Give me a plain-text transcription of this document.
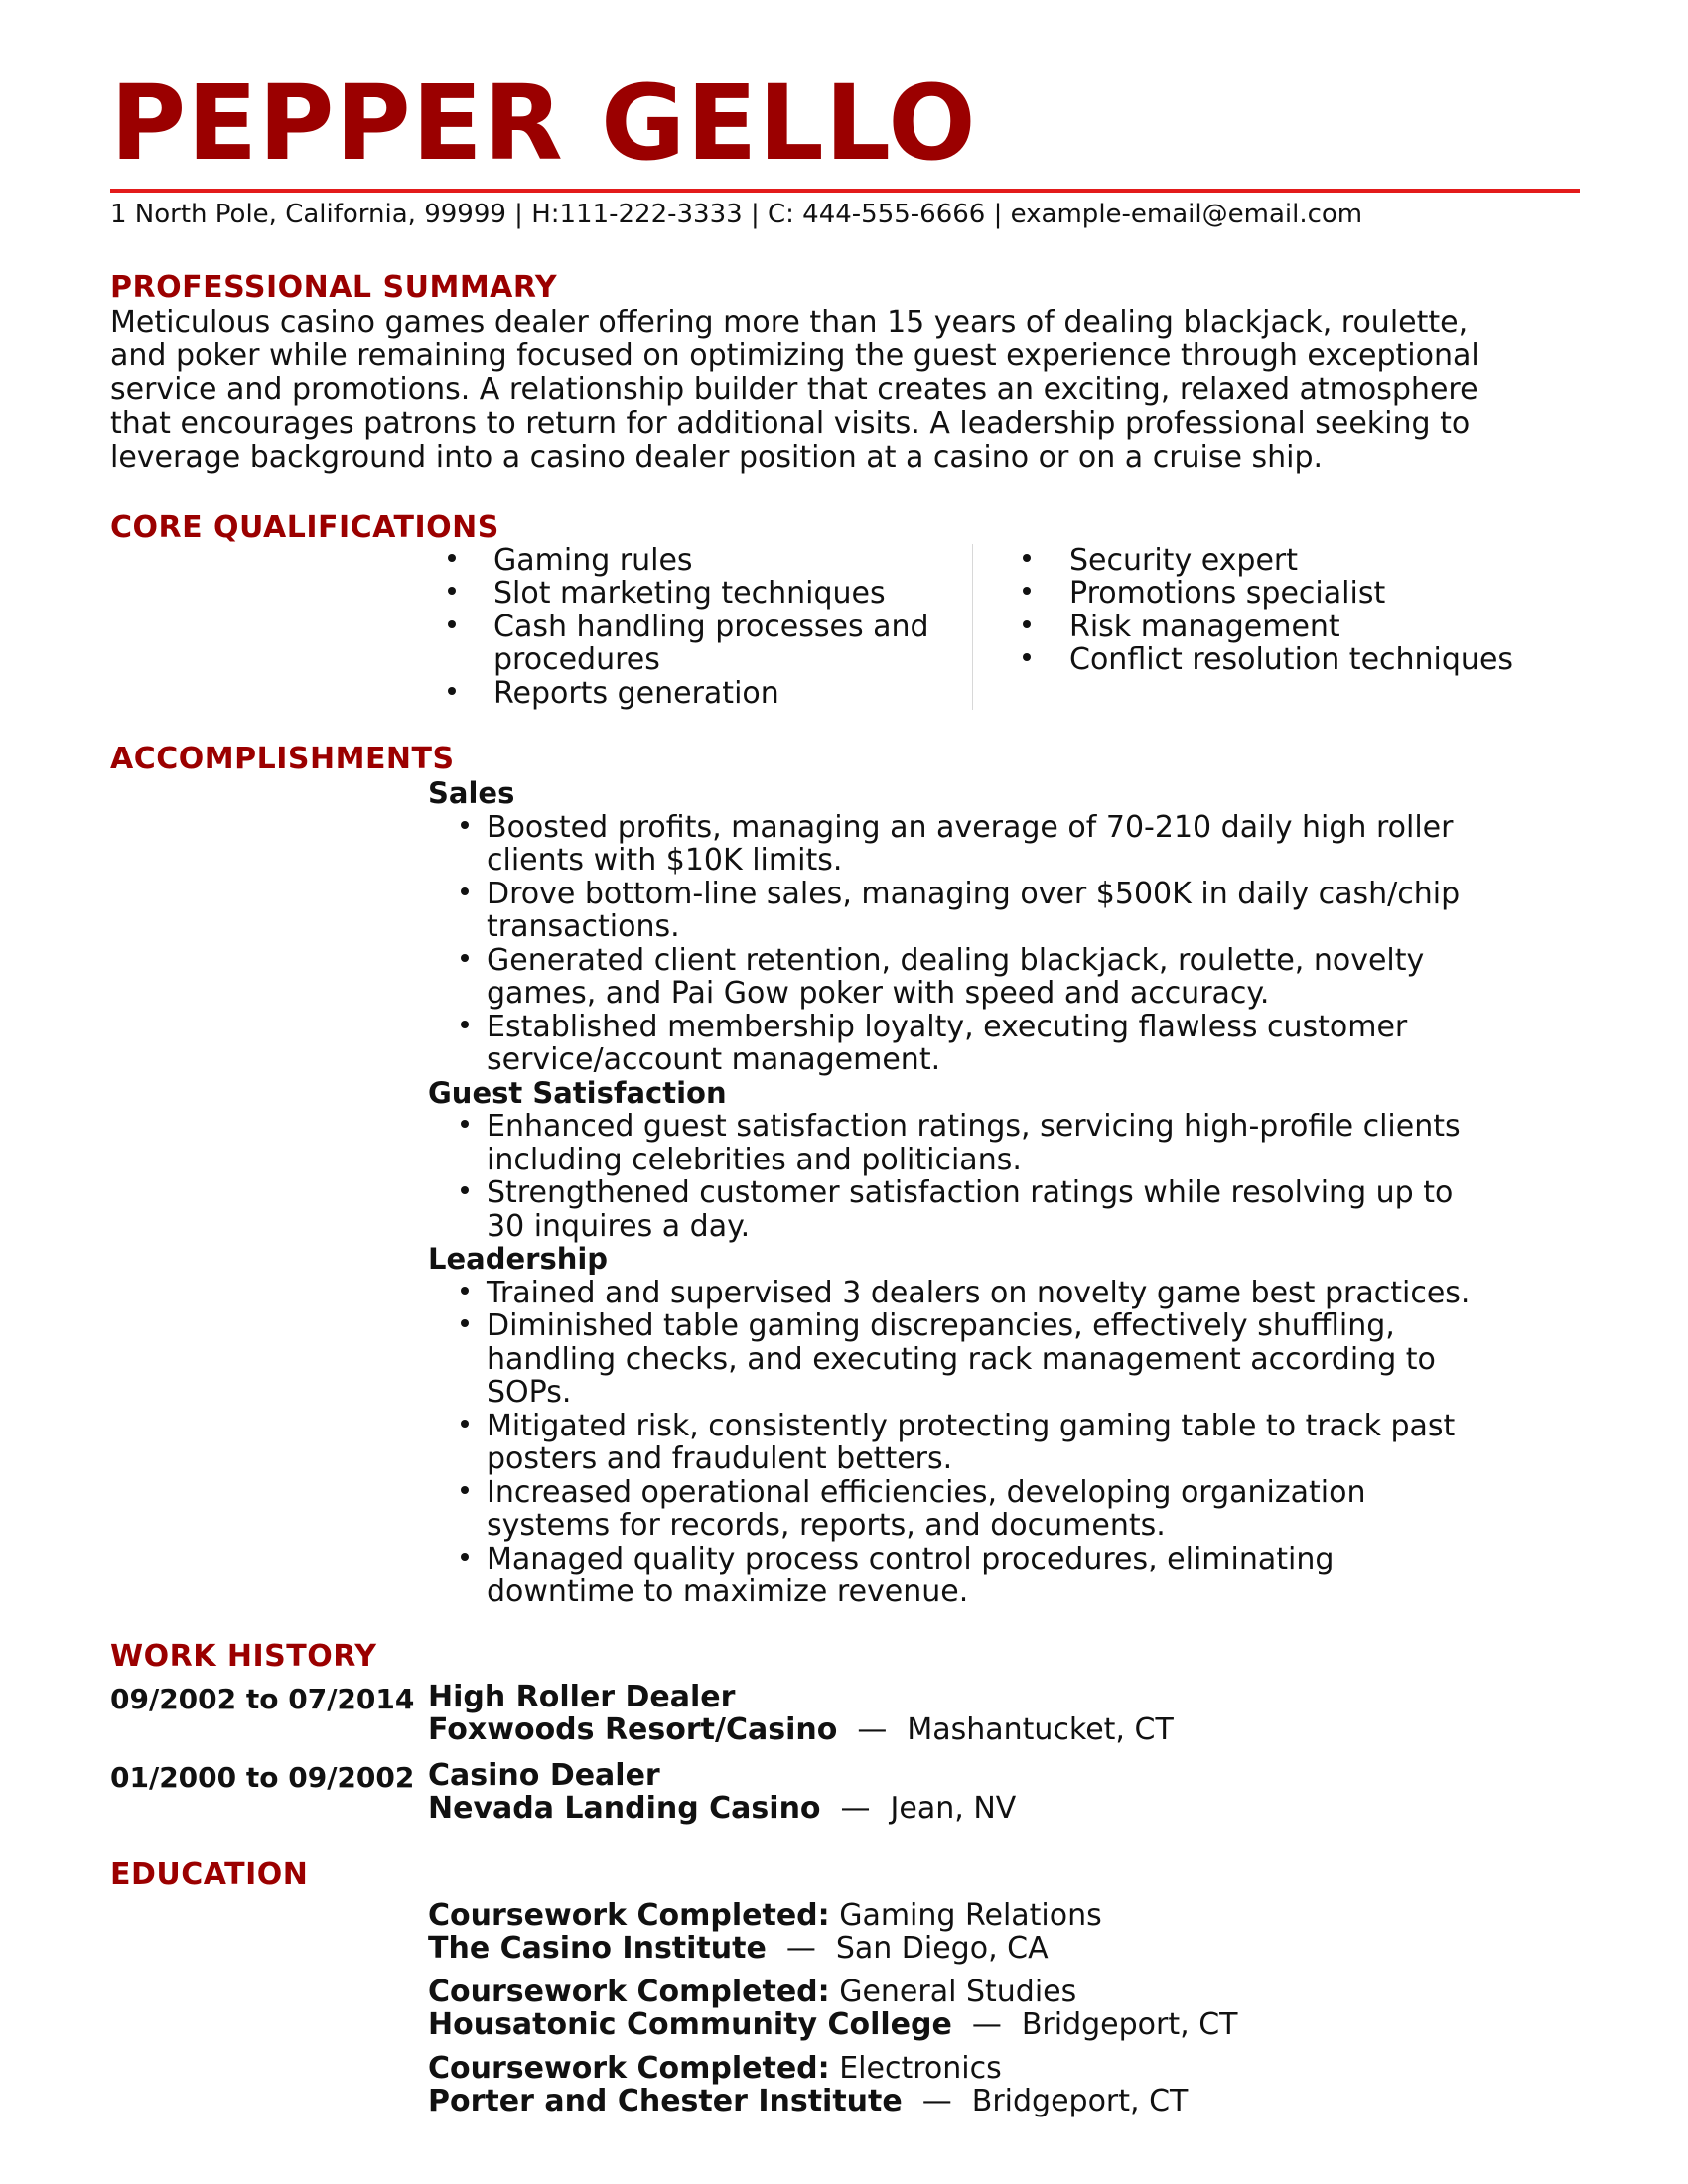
PEPPER GELLO
1 North Pole, California, 99999 | H:111-222-3333 | C: 444-555-6666 | example-email@email.com
PROFESSIONAL SUMMARY
Meticulous casino games dealer offering more than 15 years of dealing blackjack, roulette,
and poker while remaining focused on optimizing the guest experience through exceptional
service and promotions. A relationship builder that creates an exciting, relaxed atmosphere
that encourages patrons to return for additional visits. A leadership professional seeking to
leverage background into a casino dealer position at a casino or on a cruise ship.
CORE QUALIFICATIONS
Gaming rules
Slot marketing techniques
Cash handling processes and procedures
Reports generation
Security expert
Promotions specialist
Risk management
Conflict resolution techniques
ACCOMPLISHMENTS
Sales
Boosted profits, managing an average of 70-210 daily high roller clients with $10K limits.
Drove bottom-line sales, managing over $500K in daily cash/chip transactions.
Generated client retention, dealing blackjack, roulette, novelty games, and Pai Gow poker with speed and accuracy.
Established membership loyalty, executing flawless customer service/account management.
Guest Satisfaction
Enhanced guest satisfaction ratings, servicing high-profile clients including celebrities and politicians.
Strengthened customer satisfaction ratings while resolving up to 30 inquires a day.
Leadership
Trained and supervised 3 dealers on novelty game best practices.
Diminished table gaming discrepancies, effectively shuffling, handling checks, and executing rack management according to SOPs.
Mitigated risk, consistently protecting gaming table to track past posters and fraudulent betters.
Increased operational efficiencies, developing organization systems for records, reports, and documents.
Managed quality process control procedures, eliminating downtime to maximize revenue.
WORK HISTORY
09/2002 to 07/2014 High Roller Dealer
Foxwoods Resort/Casino — Mashantucket, CT
01/2000 to 09/2002 Casino Dealer
Nevada Landing Casino — Jean, NV
EDUCATION
Coursework Completed: Gaming Relations
The Casino Institute — San Diego, CA
Coursework Completed: General Studies
Housatonic Community College — Bridgeport, CT
Coursework Completed: Electronics
Porter and Chester Institute — Bridgeport, CT
